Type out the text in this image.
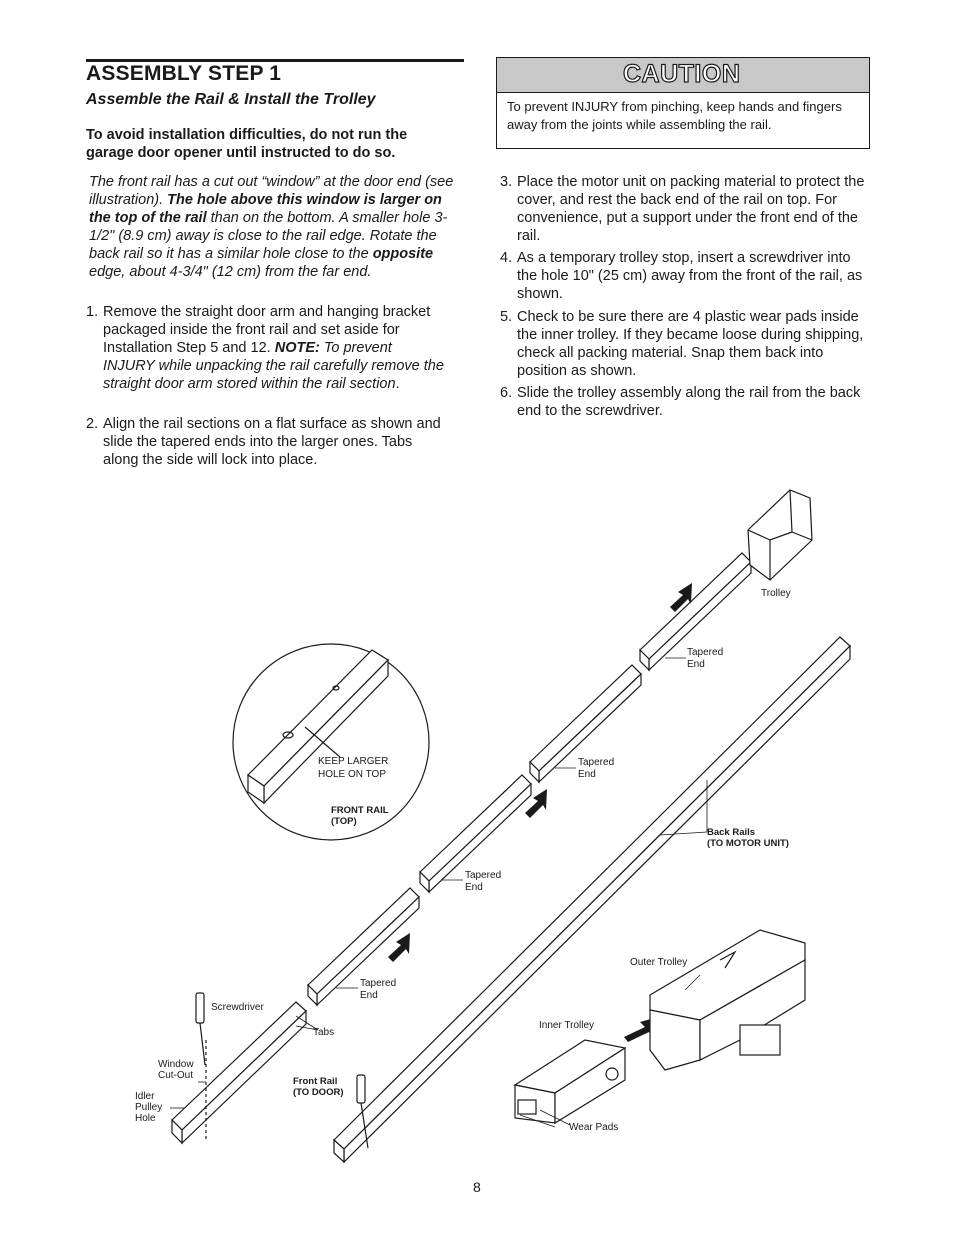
ASSEMBLY STEP 1
Assemble the Rail & Install the Trolley
To avoid installation difficulties, do not run the garage door opener until instructed to do so.
The front rail has a cut out “window” at the door end (see illustration). The hole above this window is larger on the top of the rail than on the bottom. A smaller hole 3-1/2" (8.9 cm) away is close to the rail edge. Rotate the back rail so it has a similar hole close to the opposite edge, about 4-3/4" (12 cm) from the far end.
1. Remove the straight door arm and hanging bracket packaged inside the front rail and set aside for Installation Step 5 and 12. NOTE: To prevent INJURY while unpacking the rail carefully remove the straight door arm stored within the rail section.
2. Align the rail sections on a flat surface as shown and slide the tapered ends into the larger ones. Tabs along the side will lock into place.
CAUTION
To prevent INJURY from pinching, keep hands and fingers away from the joints while assembling the rail.
3. Place the motor unit on packing material to protect the cover, and rest the back end of the rail on top. For convenience, put a support under the front end of the rail.
4. As a temporary trolley stop, insert a screwdriver into the hole 10" (25 cm) away from the front of the rail, as shown.
5. Check to be sure there are 4 plastic wear pads inside the inner trolley. If they became loose during shipping, check all packing material. Snap them back into position as shown.
6. Slide the trolley assembly along the rail from the back end to the screwdriver.
Trolley
Tapered End
Tapered End
Tapered End
Tapered End
KEEP LARGER HOLE ON TOP
FRONT RAIL (TOP)
Back Rails (TO MOTOR UNIT)
Outer Trolley
Inner Trolley
Wear Pads
Screwdriver
Tabs
Window Cut-Out
Idler Pulley Hole
Front Rail (TO DOOR)
8
